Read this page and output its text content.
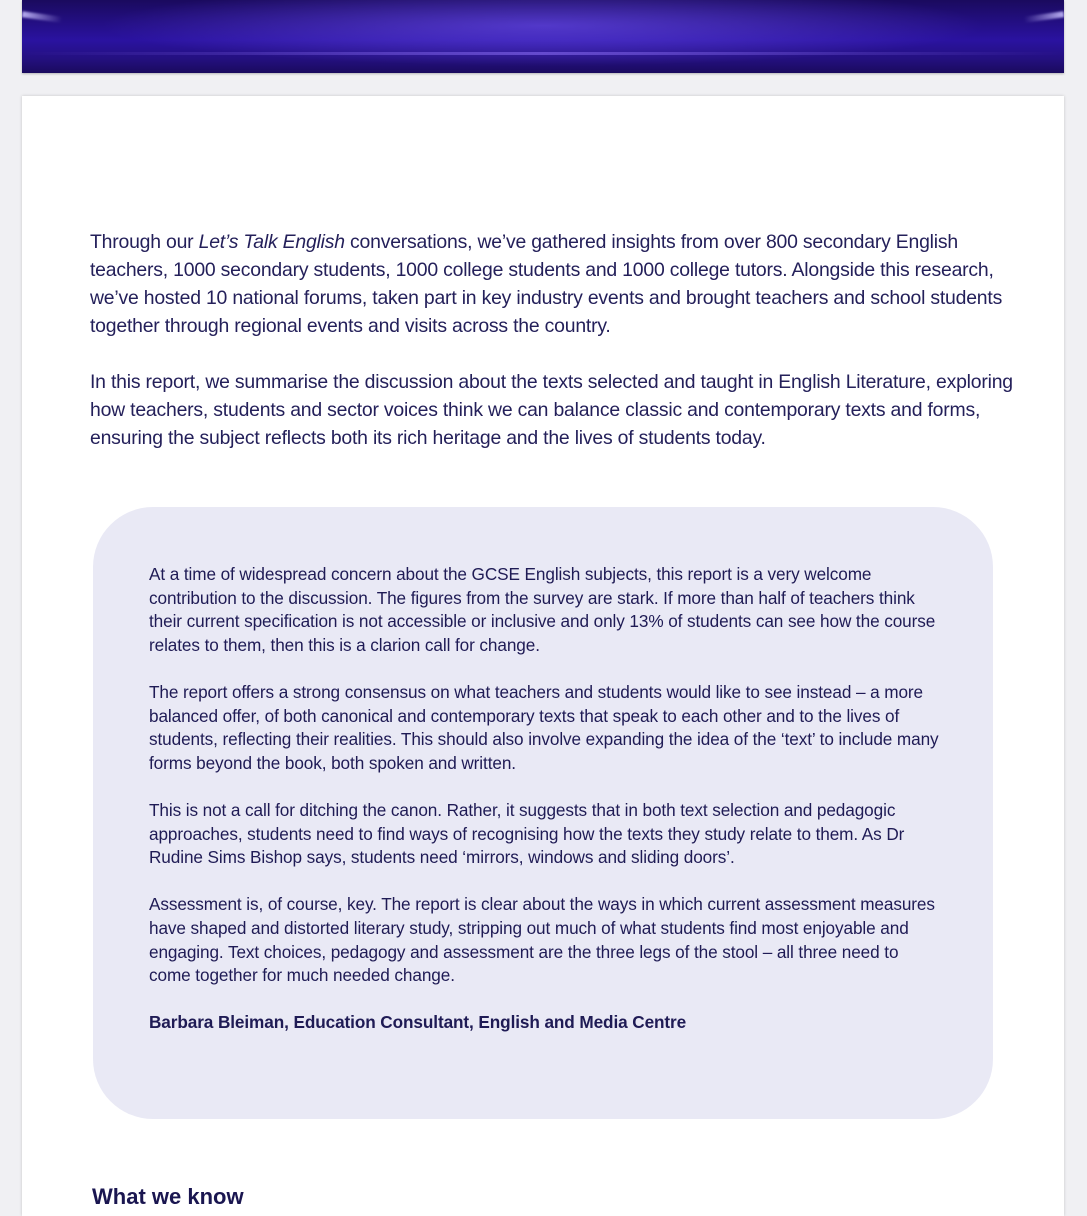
Through our Let’s Talk English conversations, we’ve gathered insights from over 800 secondary English teachers, 1000 secondary students, 1000 college students and 1000 college tutors. Alongside this research, we’ve hosted 10 national forums, taken part in key industry events and brought teachers and school students together through regional events and visits across the country.

In this report, we summarise the discussion about the texts selected and taught in English Literature, exploring how teachers, students and sector voices think we can balance classic and contemporary texts and forms, ensuring the subject reflects both its rich heritage and the lives of students today.

At a time of widespread concern about the GCSE English subjects, this report is a very welcome contribution to the discussion. The figures from the survey are stark. If more than half of teachers think their current specification is not accessible or inclusive and only 13% of students can see how the course relates to them, then this is a clarion call for change.

The report offers a strong consensus on what teachers and students would like to see instead – a more balanced offer, of both canonical and contemporary texts that speak to each other and to the lives of students, reflecting their realities. This should also involve expanding the idea of the ‘text’ to include many forms beyond the book, both spoken and written.

This is not a call for ditching the canon. Rather, it suggests that in both text selection and pedagogic approaches, students need to find ways of recognising how the texts they study relate to them. As Dr Rudine Sims Bishop says, students need ‘mirrors, windows and sliding doors’.

Assessment is, of course, key. The report is clear about the ways in which current assessment measures have shaped and distorted literary study, stripping out much of what students find most enjoyable and engaging. Text choices, pedagogy and assessment are the three legs of the stool – all three need to come together for much needed change.

Barbara Bleiman, Education Consultant, English and Media Centre

What we know
